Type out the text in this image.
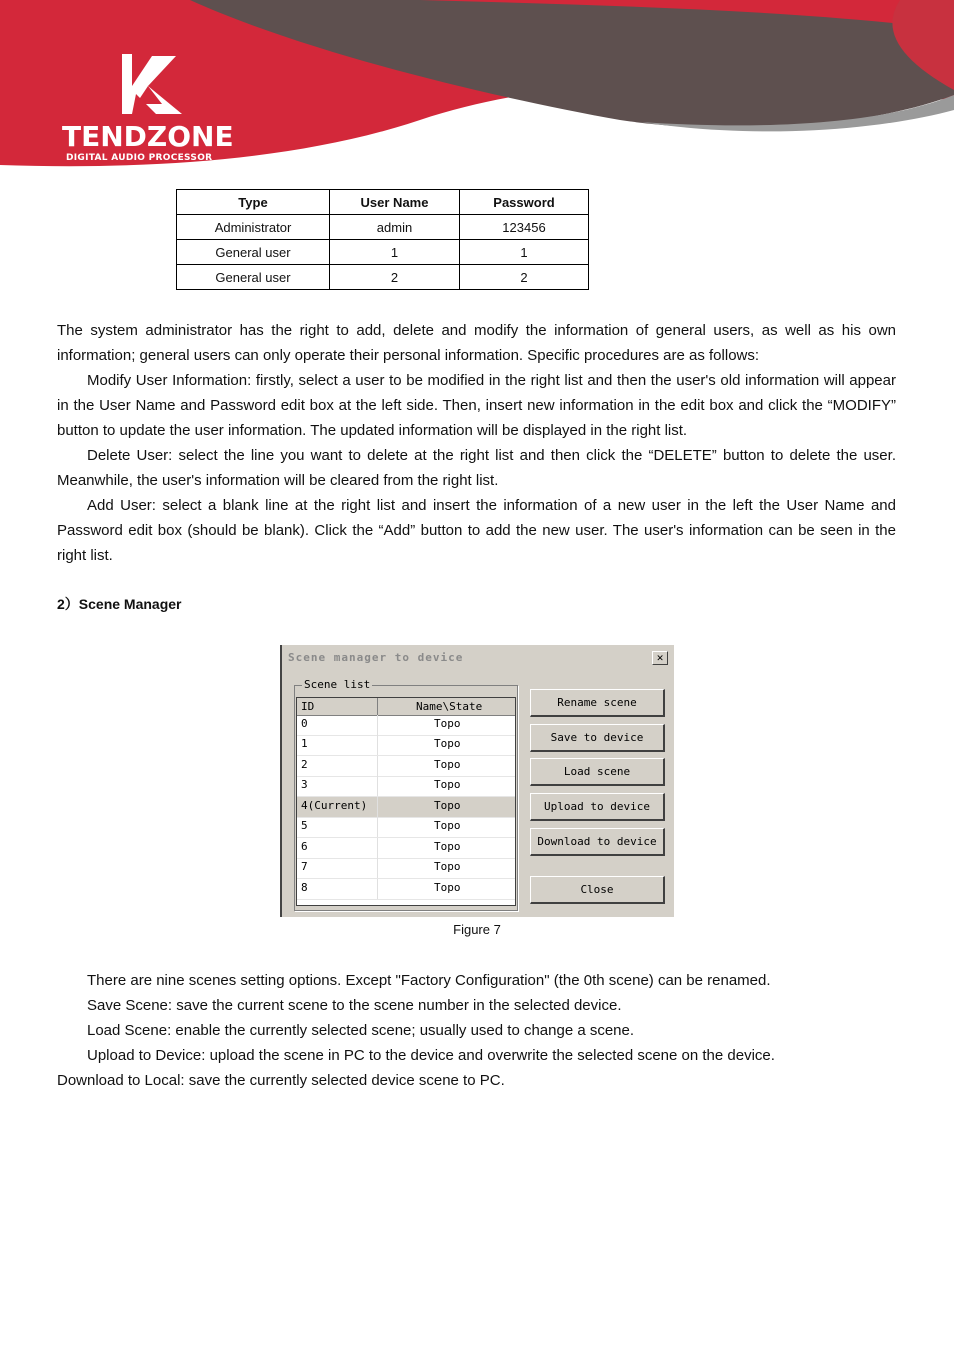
TENDZONE
DIGITAL AUDIO PROCESSOR
Type	User Name	Password
Administrator	admin	123456
General user	1	1
General user	2	2

The system administrator has the right to add, delete and modify the information of general users, as well as his own information; general users can only operate their personal information. Specific procedures are as follows:

Modify User Information: firstly, select a user to be modified in the right list and then the user's old information will appear in the User Name and Password edit box at the left side. Then, insert new information in the edit box and click the “MODIFY” button to update the user information. The updated information will be displayed in the right list.

Delete User: select the line you want to delete at the right list and then click the “DELETE” button to delete the user. Meanwhile, the user's information will be cleared from the right list.

Add User: select a blank line at the right list and insert the information of a new user in the left the User Name and Password edit box (should be blank). Click the “Add” button to add the new user. The user's information can be seen in the right list.

2）Scene Manager
Scene manager to device	✕
Scene list
ID	Name\State
0	Topo
1	Topo
2	Topo
3	Topo
4(Current)	Topo
5	Topo
6	Topo
7	Topo
8	Topo
Rename scene
Save to device
Load scene
Upload to device
Download to device
Close
Figure 7

There are nine scenes setting options. Except "Factory Configuration" (the 0th scene) can be renamed.

Save Scene: save the current scene to the scene number in the selected device.

Load Scene: enable the currently selected scene; usually used to change a scene.

Upload to Device: upload the scene in PC to the device and overwrite the selected scene on the device.

Download to Local: save the currently selected device scene to PC.
